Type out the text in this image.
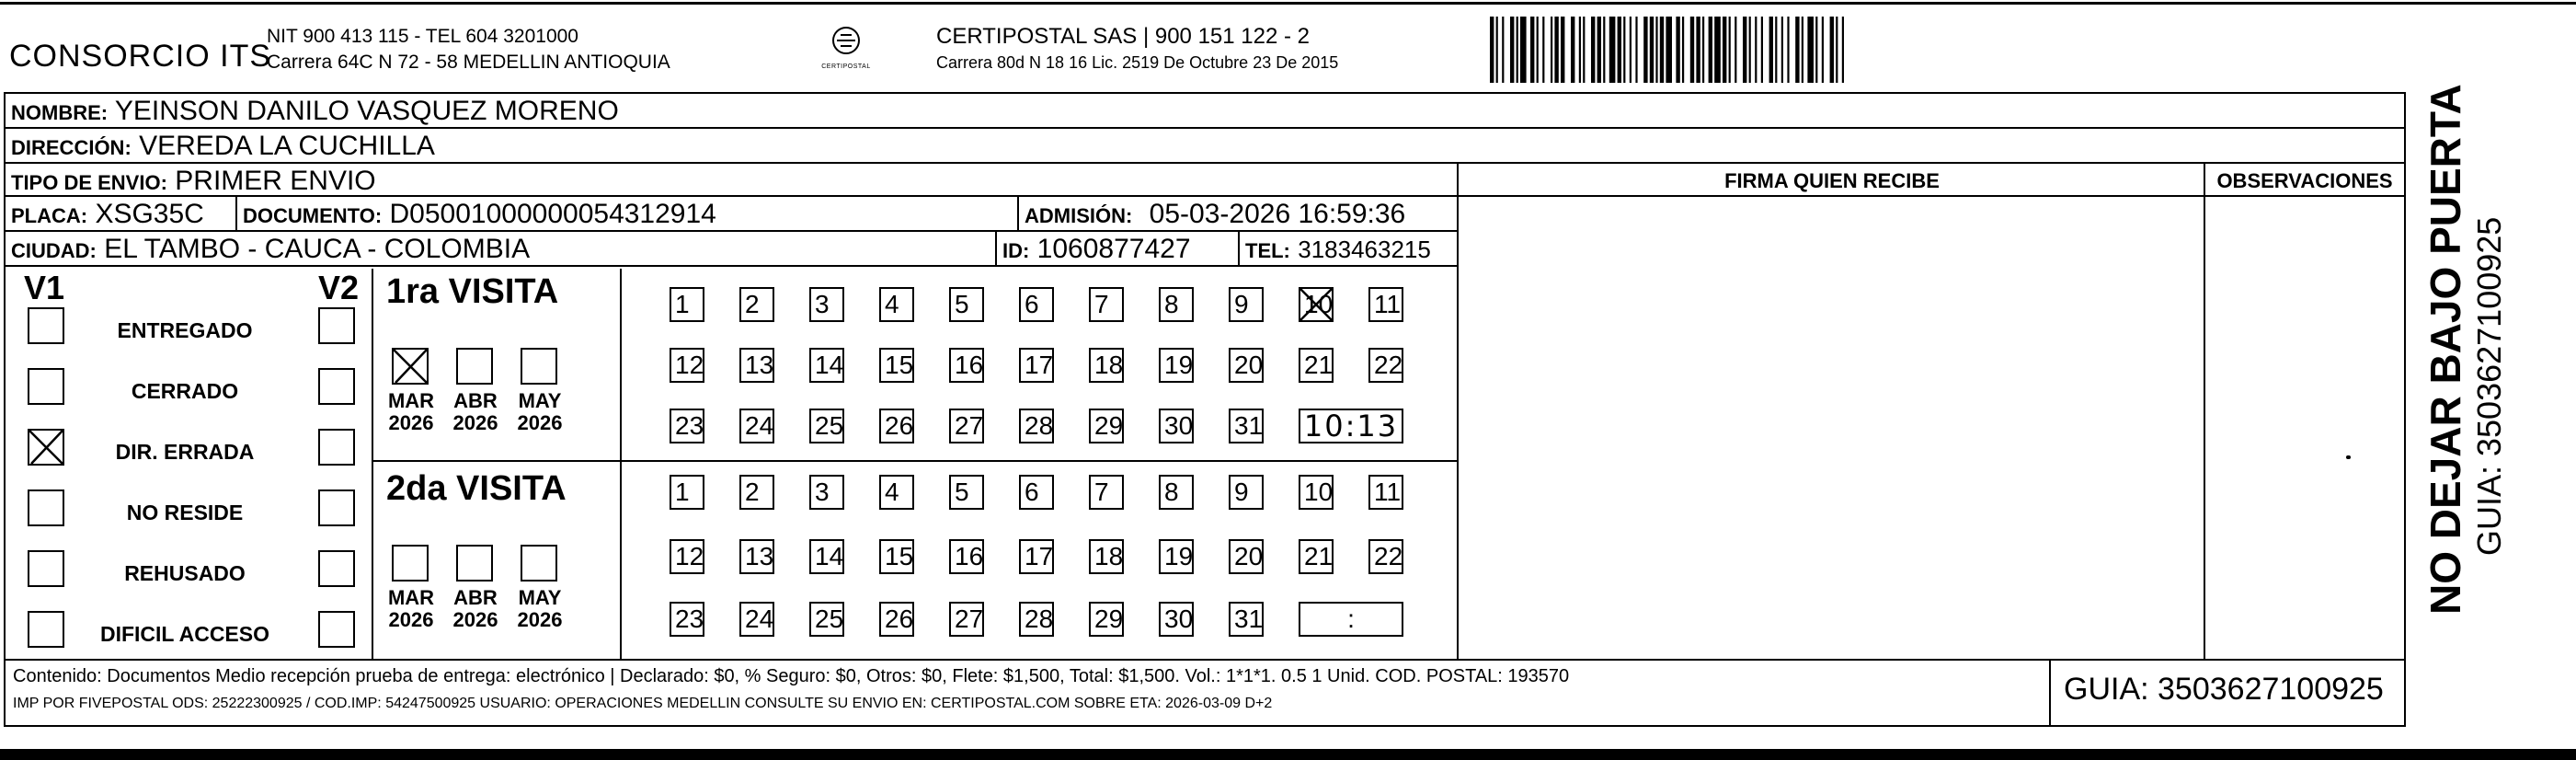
CONSORCIO ITS
NIT 900 413 115 - TEL 604 3201000
Carrera 64C N 72 - 58 MEDELLIN ANTIOQUIA	CERTIPOSTAL
CERTIPOSTAL SAS | 900 151 122 - 2
Carrera 80d N 18 16 Lic. 2519 De Octubre 23 De 2015
NOMBRE: YEINSON DANILO VASQUEZ MORENO
DIRECCIÓN: VEREDA LA CUCHILLA
TIPO DE ENVIO: PRIMER ENVIO	FIRMA QUIEN RECIBE	OBSERVACIONES
PLACA: XSG35C	DOCUMENTO: D05001000000054312914	ADMISIÓN: 05-03-2026 16:59:36
CIUDAD: EL TAMBO - CAUCA - COLOMBIA	ID: 1060877427	TEL: 3183463215
V1	V2
ENTREGADO
CERRADO
DIR. ERRADA
NO RESIDE
REHUSADO
DIFICIL ACCESO
1ra VISITA
MAR
2026
ABR
2026
MAY
2026
1	2	3	4	5	6	7	8	9	10 11
12 13 14 15 16 17 18 19 20 21 22
23 24 25 26 27 28 29 30 31 10:13
2da VISITA
MAR
2026
ABR
2026
MAY
2026
1	2	3	4	5	6	7	8	9	10 11
12 13 14 15 16 17 18 19 20 21 22
23 24 25 26 27 28 29 30 31	:
Contenido: Documentos Medio recepción prueba de entrega: electrónico | Declarado: $0, % Seguro: $0, Otros: $0, Flete: $1,500, Total: $1,500. Vol.: 1*1*1. 0.5 1 Unid. COD. POSTAL: 193570
IMP POR FIVEPOSTAL ODS: 25222300925 / COD.IMP: 54247500925 USUARIO: OPERACIONES MEDELLIN CONSULTE SU ENVIO EN: CERTIPOSTAL.COM SOBRE ETA: 2026-03-09 D+2	GUIA: 3503627100925
NO DEJAR BAJO PUERTA GUIA: 3503627100925
